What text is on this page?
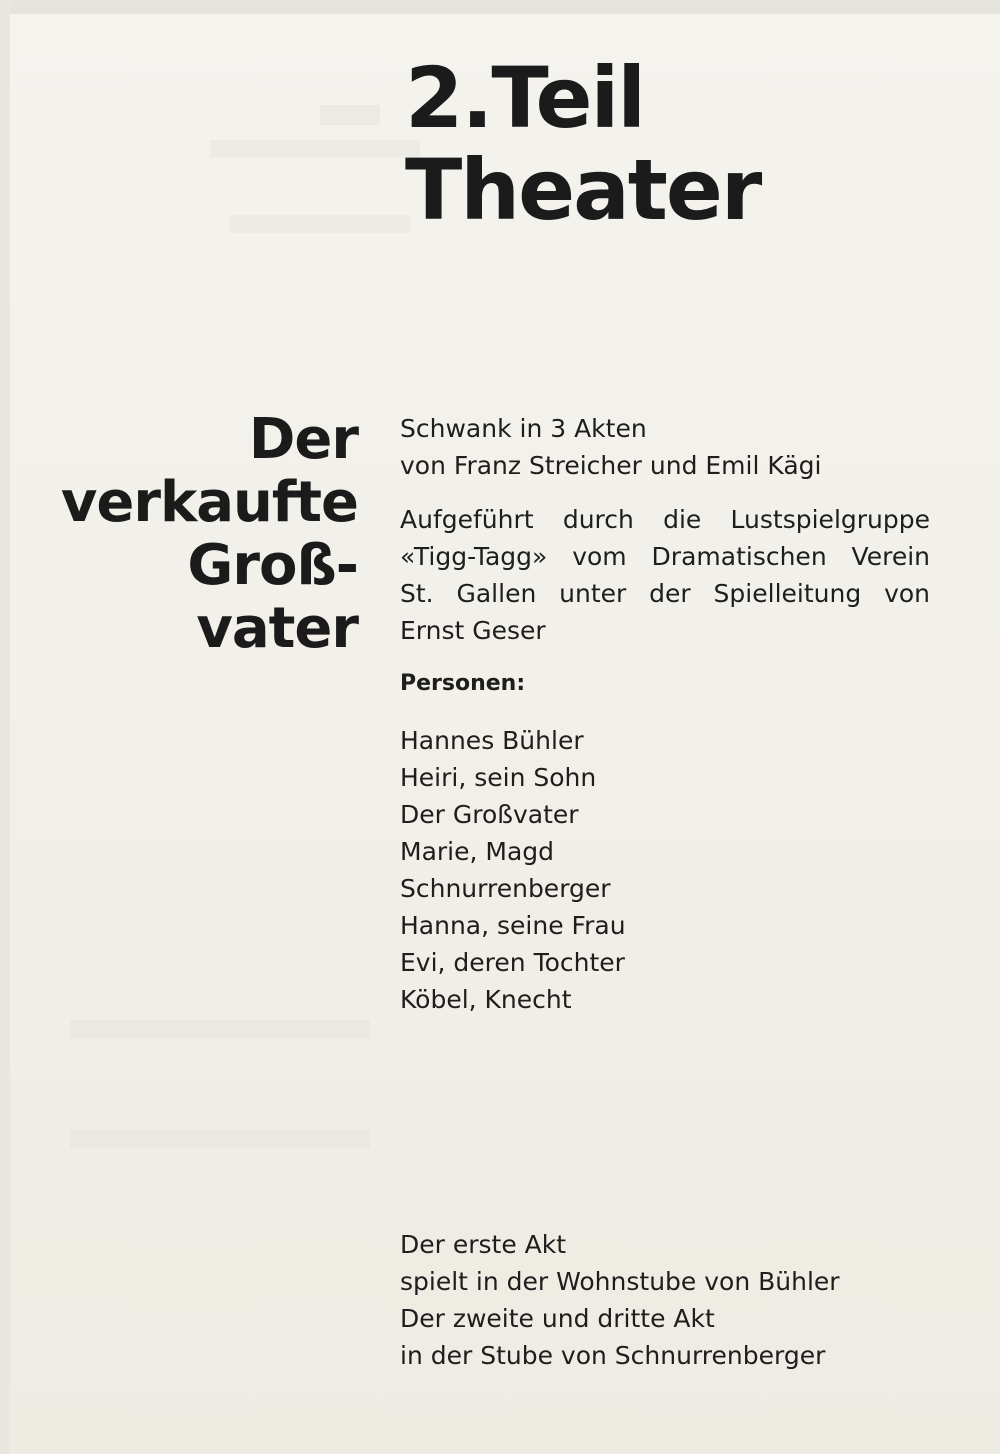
2.Teil
Theater
Der
verkaufte
Groß-
vater
Schwank in 3 Akten
von Franz Streicher und Emil Kägi
Aufgeführt durch die Lustspielgruppe
«Tigg-Tagg» vom Dramatischen Verein
St. Gallen unter der Spielleitung von
Ernst Geser
Personen:
Hannes Bühler
Heiri, sein Sohn
Der Großvater
Marie, Magd
Schnurrenberger
Hanna, seine Frau
Evi, deren Tochter
Köbel, Knecht
Der erste Akt
spielt in der Wohnstube von Bühler
Der zweite und dritte Akt
in der Stube von Schnurrenberger
